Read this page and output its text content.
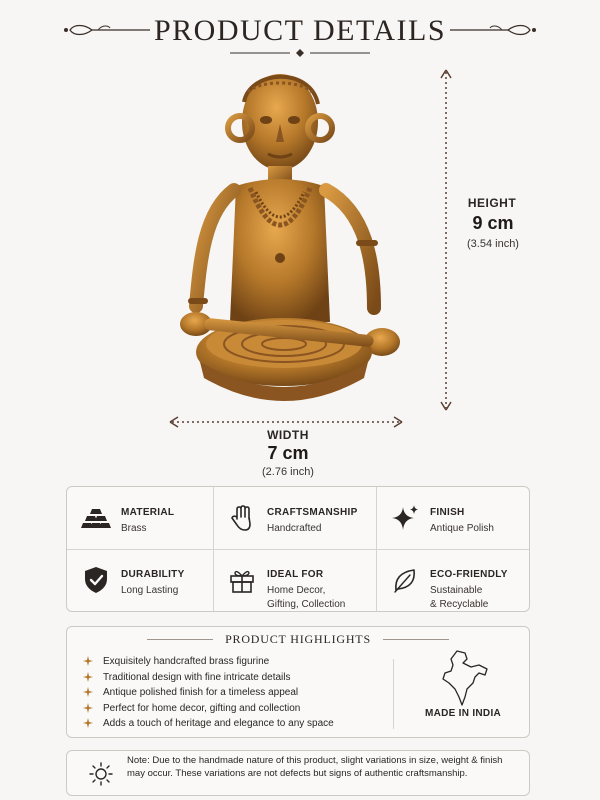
PRODUCT DETAILS
HEIGHT
9 cm
(3.54 inch)
WIDTH
7 cm
(2.76 inch)
MATERIAL
Brass
CRAFTSMANSHIP
Handcrafted
FINISH
Antique Polish
DURABILITY
Long Lasting
IDEAL FOR
Home Decor,
Gifting, Collection
ECO-FRIENDLY
Sustainable
& Recyclable
PRODUCT HIGHLIGHTS
Exquisitely handcrafted brass figurine
Traditional design with fine intricate details
Antique polished finish for a timeless appeal
Perfect for home decor, gifting and collection
Adds a touch of heritage and elegance to any space
MADE IN INDIA
Note: Due to the handmade nature of this product, slight variations in size, weight & finish may occur. These variations are not defects but signs of authentic craftsmanship.
